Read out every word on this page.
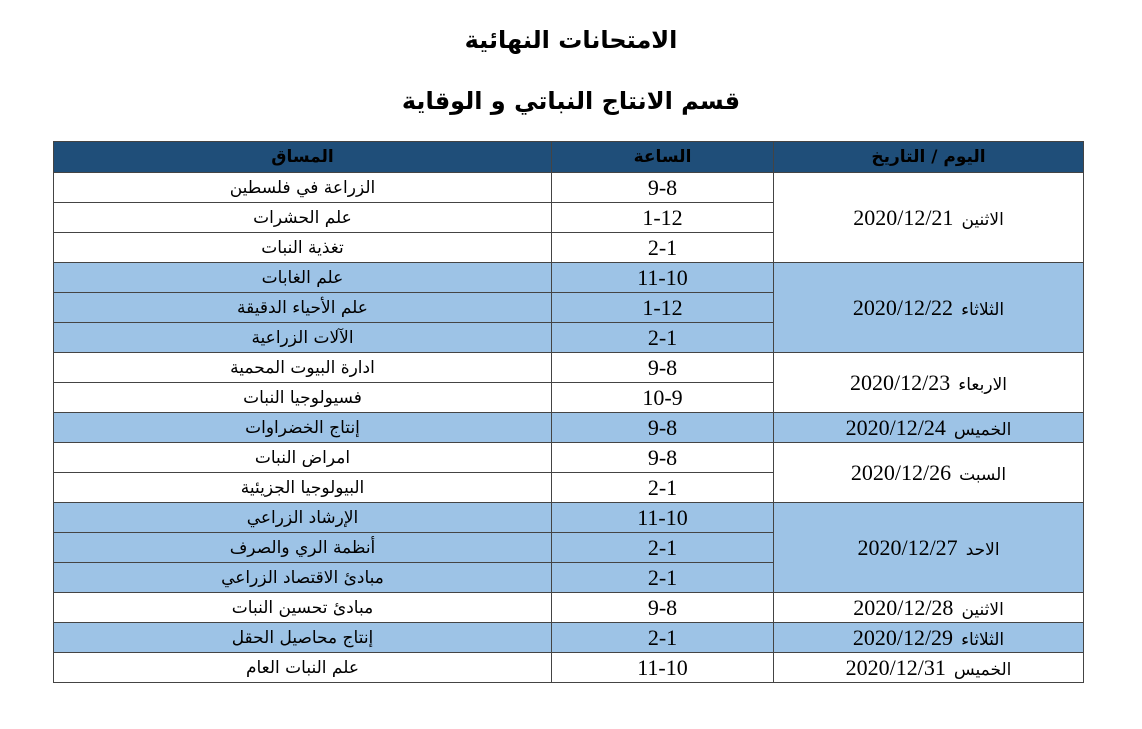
الامتحانات النهائية
قسم الانتاج النباتي و الوقاية
اليوم / التاريخ	الساعة	المساق
الاثنين2020/12/21	9-8	الزراعة في فلسطين
	1-12	علم الحشرات
	2-1	تغذية النبات
الثلاثاء2020/12/22	11-10	علم الغابات
	1-12	علم الأحياء الدقيقة
	2-1	الآلات الزراعية
الاربعاء2020/12/23	9-8	ادارة البيوت المحمية
	10-9	فسيولوجيا النبات
الخميس2020/12/24	9-8	إنتاج الخضراوات
السبت2020/12/26	9-8	امراض النبات
	2-1	البيولوجيا الجزيئية
الاحد2020/12/27	11-10	الإرشاد الزراعي
	2-1	أنظمة الري والصرف
	2-1	مبادئ الاقتصاد الزراعي
الاثنين2020/12/28	9-8	مبادئ تحسين النبات
الثلاثاء2020/12/29	2-1	إنتاج محاصيل الحقل
الخميس2020/12/31	11-10	علم النبات العام
